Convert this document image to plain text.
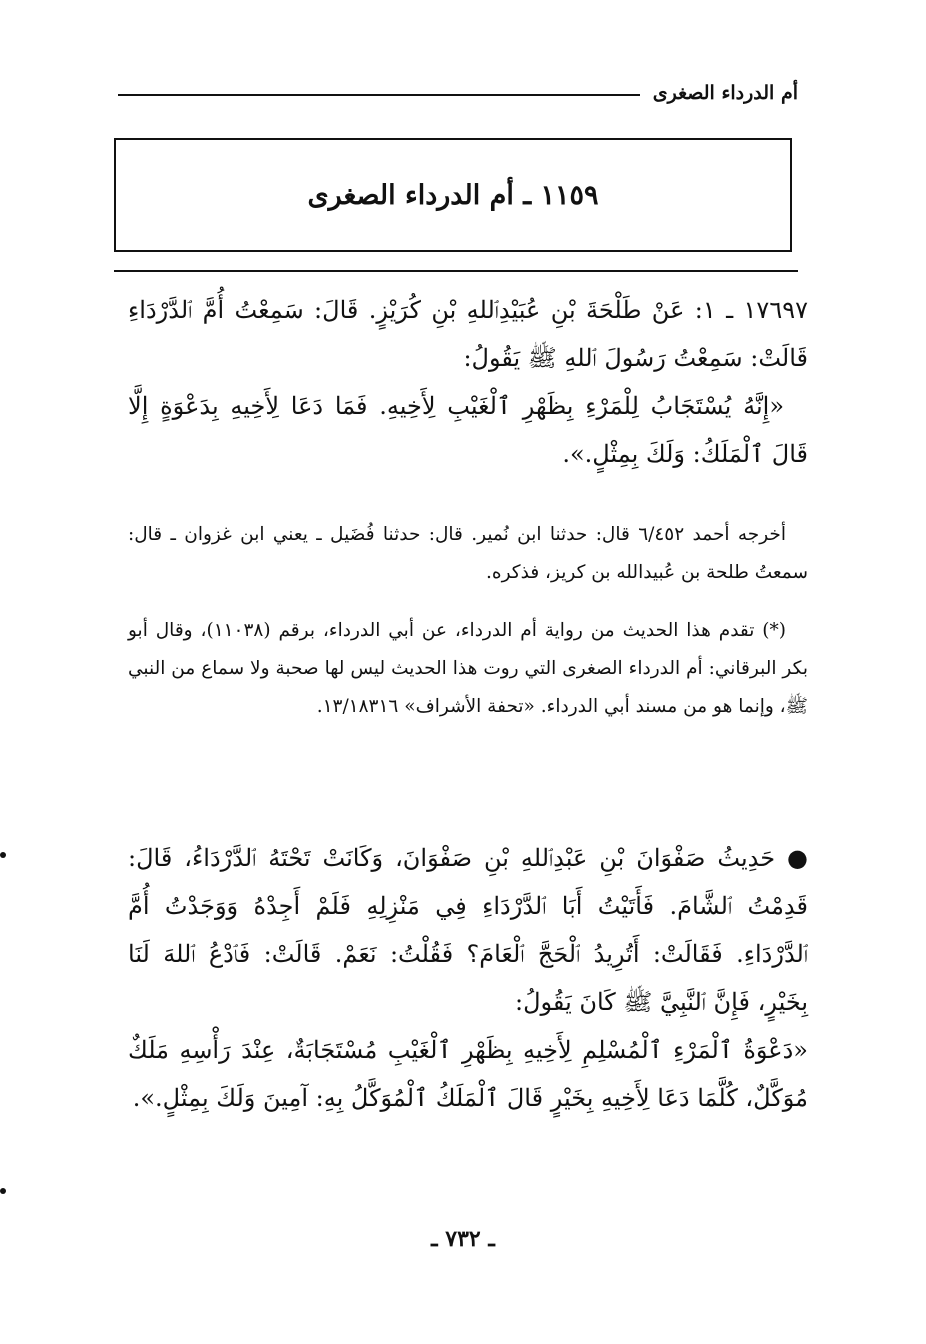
أم الدرداء الصغرى
١١٥٩ ـ أم الدرداء الصغرى

١٧٦٩٧ ـ ١: عَنْ طَلْحَةَ بْنِ عُبَيْدِٱللهِ بْنِ كُرَيْزٍ. قَالَ: سَمِعْتُ أُمَّ ٱلدَّرْدَاءِ قَالَتْ: سَمِعْتُ رَسُولَ ٱللهِ ﷺ يَقُولُ:

«إِنَّهُ يُسْتَجَابُ لِلْمَرْءِ بِظَهْرِ ٱلْغَيْبِ لِأَخِيهِ. فَمَا دَعَا لِأَخِيهِ بِدَعْوَةٍ إِلَّا قَالَ ٱلْمَلَكُ: وَلَكَ بِمِثْلٍ.».

أخرجه أحمد ٦/٤٥٢ قال: حدثنا ابن نُمير. قال: حدثنا فُضَيل ـ يعني ابن غزوان ـ قال: سمعتُ طلحة بن عُبيدالله بن كريز، فذكره.

(*) تقدم هذا الحديث من رواية أم الدرداء، عن أبي الدرداء، برقم (١١٠٣٨)، وقال أبو بكر البرقاني: أم الدرداء الصغرى التي روت هذا الحديث ليس لها صحبة ولا سماع من النبي ﷺ، وإنما هو من مسند أبي الدرداء. «تحفة الأشراف» ١٣/١٨٣١٦.

● حَدِيثُ صَفْوَانَ بْنِ عَبْدِٱللهِ بْنِ صَفْوَانَ، وَكَانَتْ تَحْتَهُ ٱلدَّرْدَاءُ، قَالَ: قَدِمْتُ ٱلشَّامَ. فَأَتَيْتُ أَبَا ٱلدَّرْدَاءِ فِي مَنْزِلِهِ فَلَمْ أَجِدْهُ وَوَجَدْتُ أُمَّ ٱلدَّرْدَاءِ. فَقَالَتْ: أَتُرِيدُ ٱلْحَجَّ ٱلْعَامَ؟ فَقُلْتُ: نَعَمْ. قَالَتْ: فَٱدْعُ ٱللهَ لَنَا بِخَيْرٍ، فَإِنَّ ٱلنَّبِيَّ ﷺ كَانَ يَقُولُ:

«دَعْوَةُ ٱلْمَرْءِ ٱلْمُسْلِمِ لِأَخِيهِ بِظَهْرِ ٱلْغَيْبِ مُسْتَجَابَةٌ، عِنْدَ رَأْسِهِ مَلَكٌ مُوَكَّلٌ، كُلَّمَا دَعَا لِأَخِيهِ بِخَيْرٍ قَالَ ٱلْمَلَكُ ٱلْمُوَكَّلُ بِهِ: آمِينَ وَلَكَ بِمِثْلٍ.».

ـ ٧٣٢ ـ
